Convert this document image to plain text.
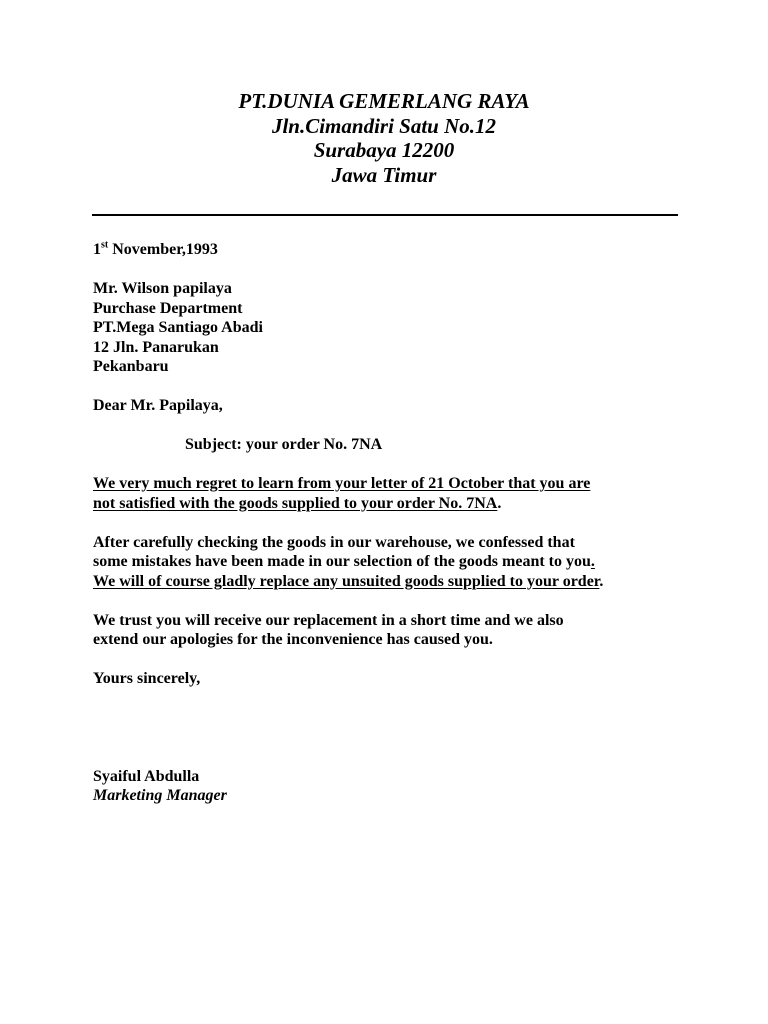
PT.DUNIA GEMERLANG RAYA
Jln.Cimandiri Satu No.12
Surabaya 12200
Jawa Timur
1st November,1993
Mr. Wilson papilaya
Purchase Department
PT.Mega Santiago Abadi
12 Jln. Panarukan
Pekanbaru
Dear Mr. Papilaya,
Subject: your order No. 7NA
We very much regret to learn from your letter of 21 October that you are
not satisfied with the goods supplied to your order No. 7NA.
After carefully checking the goods in our warehouse, we confessed that
some mistakes have been made in our selection of the goods meant to you.
We will of course gladly replace any unsuited goods supplied to your order.
We trust you will receive our replacement in a short time and we also
extend our apologies for the inconvenience has caused you.
Yours sincerely,
Syaiful Abdulla
Marketing Manager
